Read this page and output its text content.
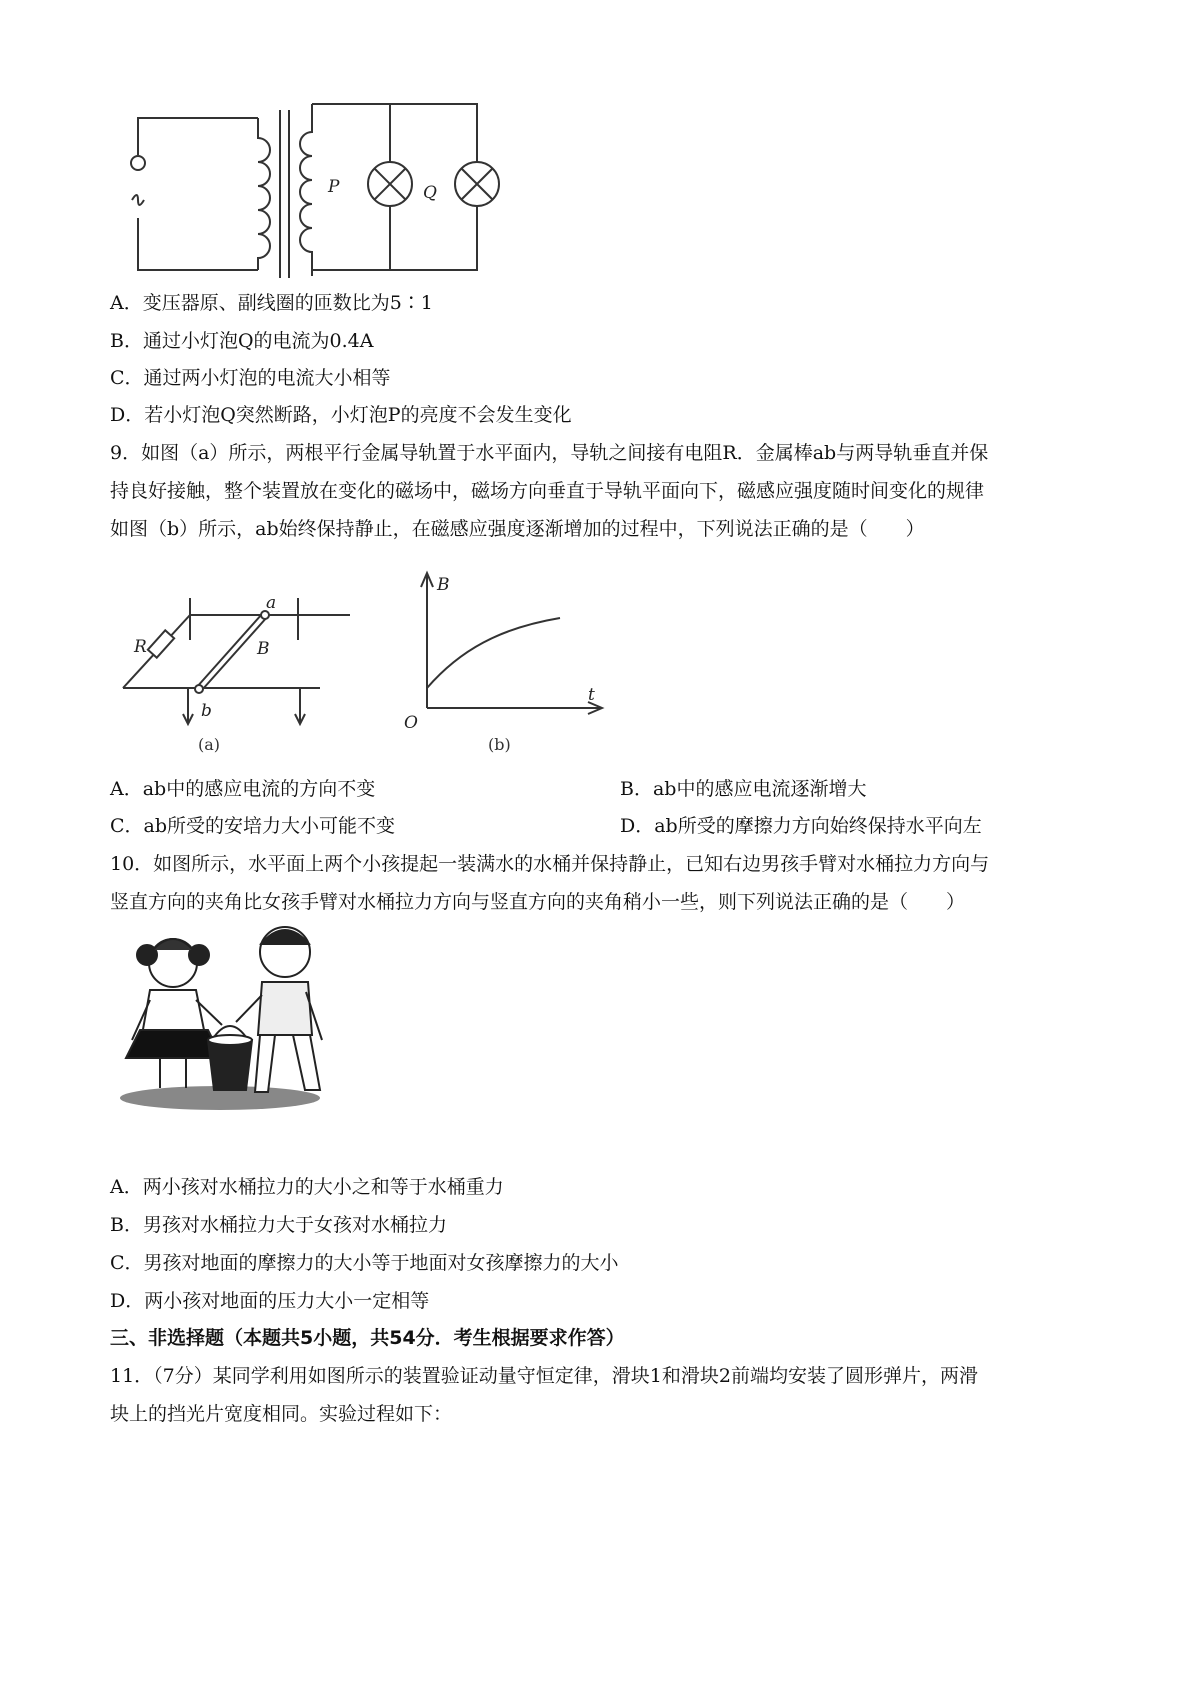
P	Q
A．变压器原、副线圈的匝数比为5∶1
B．通过小灯泡Q的电流为0.4A
C．通过两小灯泡的电流大小相等
D．若小灯泡Q突然断路，小灯泡P的亮度不会发生变化
9．如图（a）所示，两根平行金属导轨置于水平面内，导轨之间接有电阻R．金属棒ab与两导轨垂直并保
持良好接触，整个装置放在变化的磁场中，磁场方向垂直于导轨平面向下，磁感应强度随时间变化的规律
如图（b）所示，ab始终保持静止，在磁感应强度逐渐增加的过程中，下列说法正确的是（　　）
R
a
b
B
(a)
B
t
O
(b)
A．ab中的感应电流的方向不变	B．ab中的感应电流逐渐增大
C．ab所受的安培力大小可能不变	D．ab所受的摩擦力方向始终保持水平向左
10．如图所示，水平面上两个小孩提起一装满水的水桶并保持静止，已知右边男孩手臂对水桶拉力方向与
竖直方向的夹角比女孩手臂对水桶拉力方向与竖直方向的夹角稍小一些，则下列说法正确的是（　　）
A．两小孩对水桶拉力的大小之和等于水桶重力
B．男孩对水桶拉力大于女孩对水桶拉力
C．男孩对地面的摩擦力的大小等于地面对女孩摩擦力的大小
D．两小孩对地面的压力大小一定相等
三、非选择题（本题共5小题，共54分．考生根据要求作答）
11．（7分）某同学利用如图所示的装置验证动量守恒定律，滑块1和滑块2前端均安装了圆形弹片，两滑
块上的挡光片宽度相同。实验过程如下：
